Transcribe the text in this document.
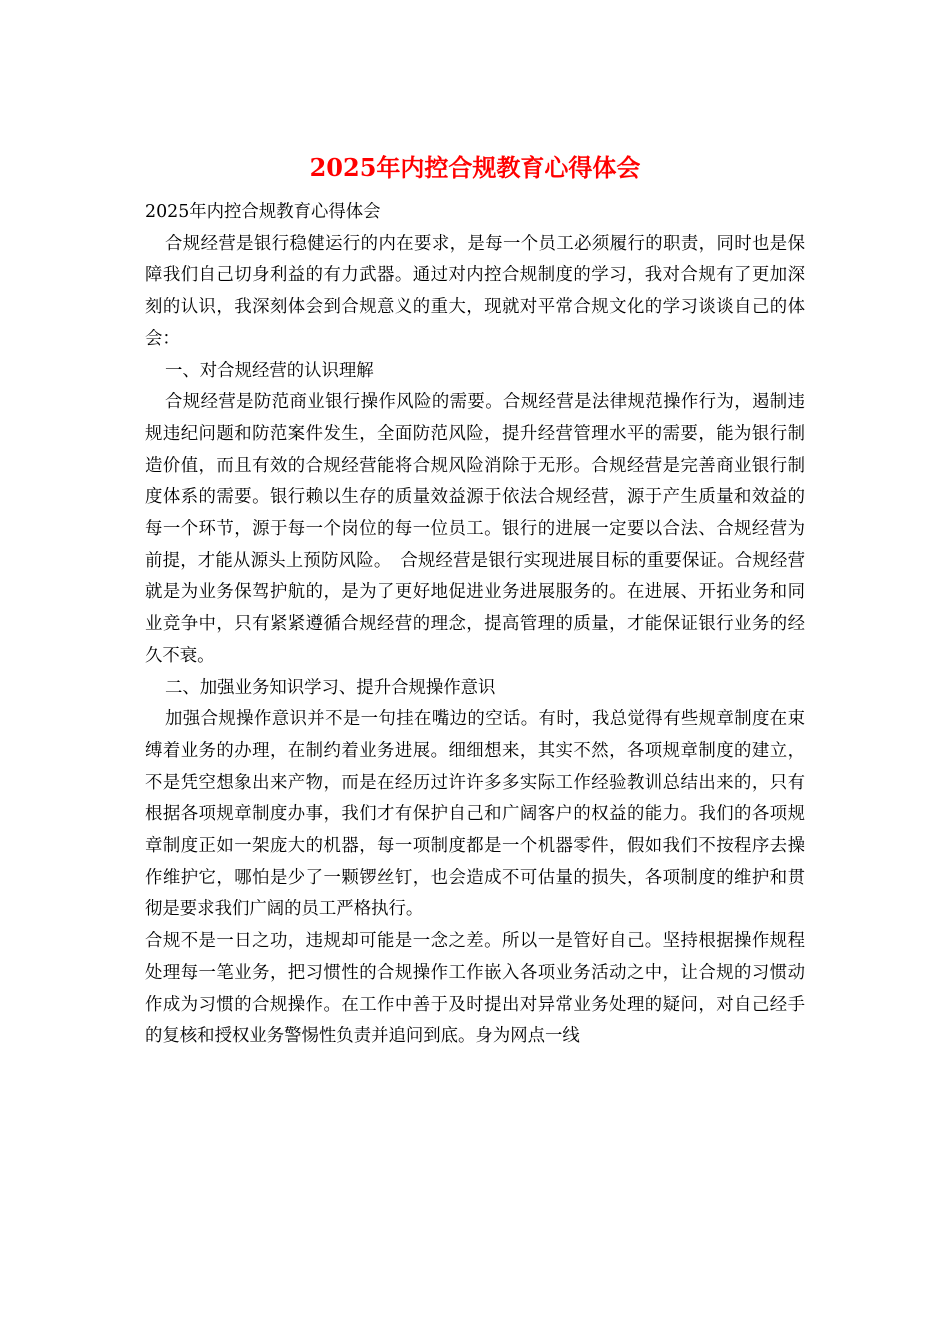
2025年内控合规教育心得体会

2025年内控合规教育心得体会

合规经营是银行稳健运行的内在要求，是每一个员工必须履行的职责，同时也是保障我们自己切身利益的有力武器。通过对内控合规制度的学习，我对合规有了更加深刻的认识，我深刻体会到合规意义的重大，现就对平常合规文化的学习谈谈自己的体会：

一、对合规经营的认识理解

合规经营是防范商业银行操作风险的需要。合规经营是法律规范操作行为，遏制违规违纪问题和防范案件发生，全面防范风险，提升经营管理水平的需要，能为银行制造价值，而且有效的合规经营能将合规风险消除于无形。合规经营是完善商业银行制度体系的需要。银行赖以生存的质量效益源于依法合规经营，源于产生质量和效益的每一个环节，源于每一个岗位的每一位员工。银行的进展一定要以合法、合规经营为前提，才能从源头上预防风险。　合规经营是银行实现进展目标的重要保证。合规经营就是为业务保驾护航的，是为了更好地促进业务进展服务的。在进展、开拓业务和同业竞争中，只有紧紧遵循合规经营的理念，提高管理的质量，才能保证银行业务的经久不衰。

二、加强业务知识学习、提升合规操作意识

加强合规操作意识并不是一句挂在嘴边的空话。有时，我总觉得有些规章制度在束缚着业务的办理，在制约着业务进展。细细想来，其实不然，各项规章制度的建立，不是凭空想象出来产物，而是在经历过许许多多实际工作经验教训总结出来的，只有根据各项规章制度办事，我们才有保护自己和广阔客户的权益的能力。我们的各项规章制度正如一架庞大的机器，每一项制度都是一个机器零件，假如我们不按程序去操作维护它，哪怕是少了一颗锣丝钉，也会造成不可估量的损失，各项制度的维护和贯彻是要求我们广阔的员工严格执行。

合规不是一日之功，违规却可能是一念之差。所以一是管好自己。坚持根据操作规程处理每一笔业务，把习惯性的合规操作工作嵌入各项业务活动之中，让合规的习惯动作成为习惯的合规操作。在工作中善于及时提出对异常业务处理的疑问，对自己经手的复核和授权业务警惕性负责并追问到底。身为网点一线
